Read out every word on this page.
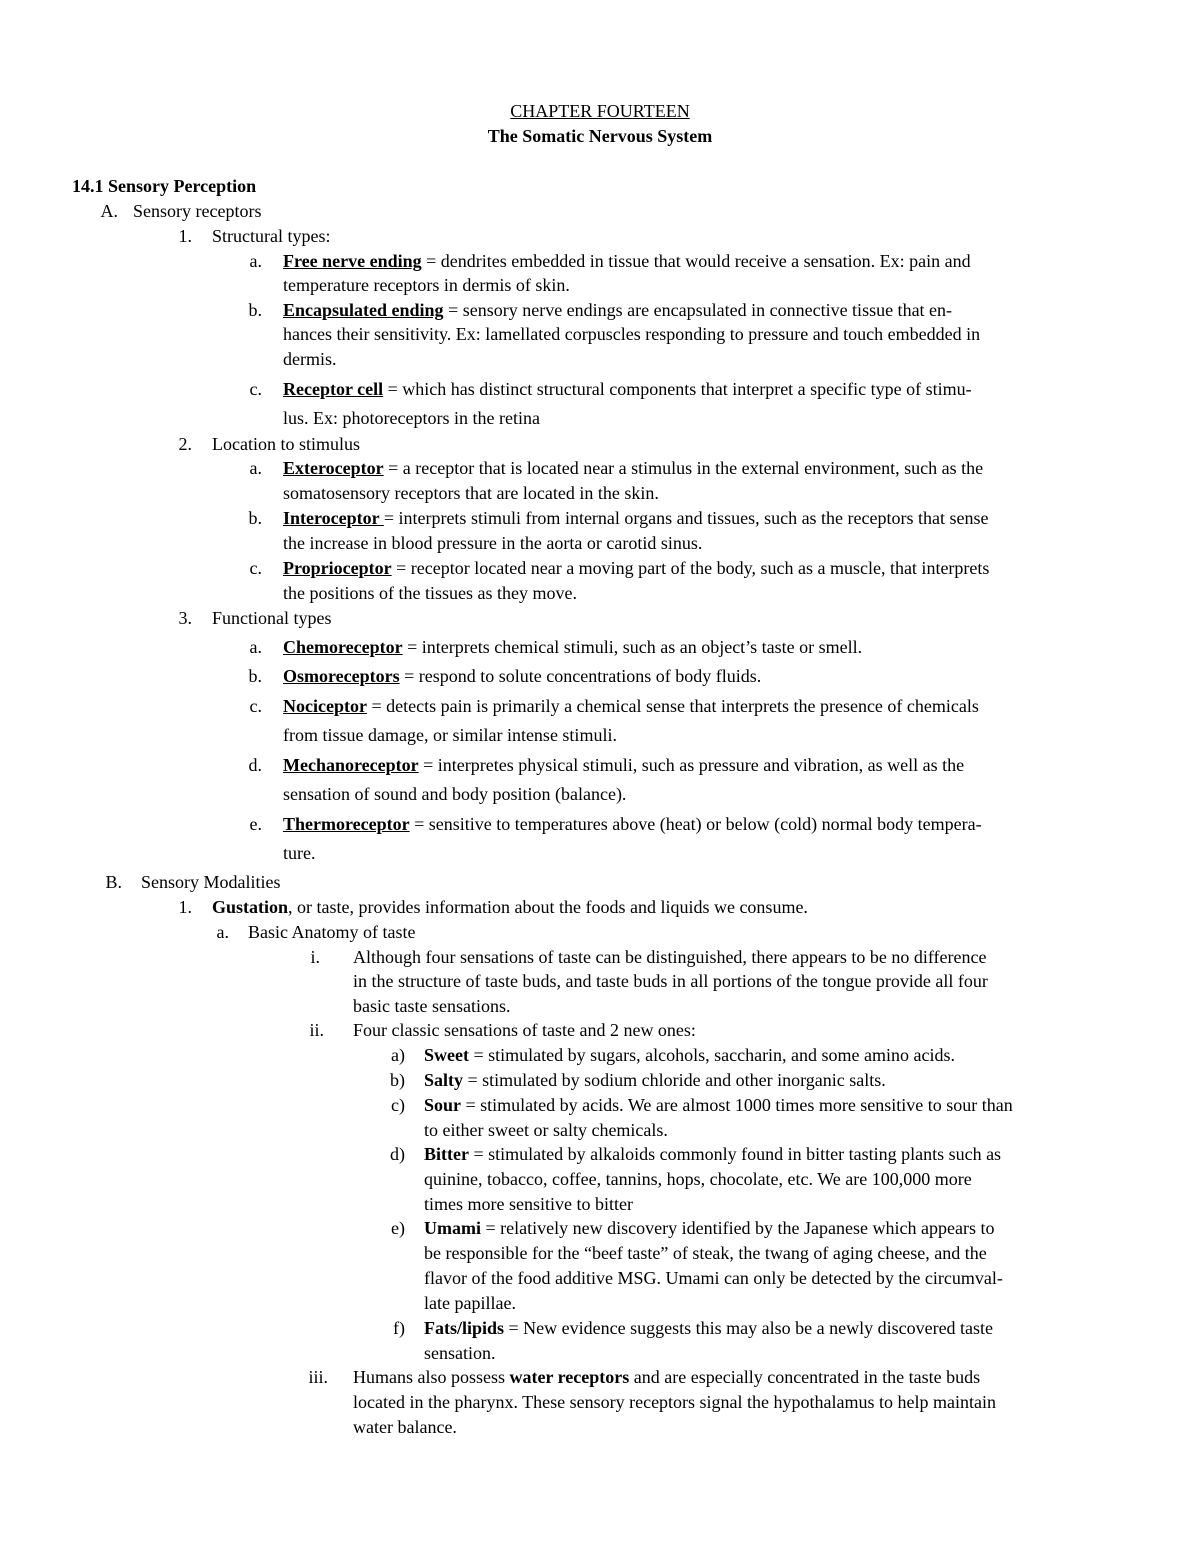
CHAPTER FOURTEEN
The Somatic Nervous System
14.1 Sensory Perception
A. Sensory receptors
1. Structural types:
a. Free nerve ending = dendrites embedded in tissue that would receive a sensation. Ex: pain and
temperature receptors in dermis of skin.
b. Encapsulated ending = sensory nerve endings are encapsulated in connective tissue that en-
hances their sensitivity. Ex: lamellated corpuscles responding to pressure and touch embedded in
dermis.
c. Receptor cell = which has distinct structural components that interpret a specific type of stimu-
lus. Ex: photoreceptors in the retina
2. Location to stimulus
a. Exteroceptor = a receptor that is located near a stimulus in the external environment, such as the
somatosensory receptors that are located in the skin.
b. Interoceptor = interprets stimuli from internal organs and tissues, such as the receptors that sense
the increase in blood pressure in the aorta or carotid sinus.
c. Proprioceptor = receptor located near a moving part of the body, such as a muscle, that interprets
the positions of the tissues as they move.
3. Functional types
a. Chemoreceptor = interprets chemical stimuli, such as an object’s taste or smell.
b. Osmoreceptors = respond to solute concentrations of body fluids.
c. Nociceptor = detects pain is primarily a chemical sense that interprets the presence of chemicals
from tissue damage, or similar intense stimuli.
d. Mechanoreceptor = interpretes physical stimuli, such as pressure and vibration, as well as the
sensation of sound and body position (balance).
e. Thermoreceptor = sensitive to temperatures above (heat) or below (cold) normal body tempera-
ture.
B. Sensory Modalities
1. Gustation, or taste, provides information about the foods and liquids we consume.
a. Basic Anatomy of taste
i. Although four sensations of taste can be distinguished, there appears to be no difference
in the structure of taste buds, and taste buds in all portions of the tongue provide all four
basic taste sensations.
ii. Four classic sensations of taste and 2 new ones:
a) Sweet = stimulated by sugars, alcohols, saccharin, and some amino acids.
b) Salty = stimulated by sodium chloride and other inorganic salts.
c) Sour = stimulated by acids. We are almost 1000 times more sensitive to sour than
to either sweet or salty chemicals.
d) Bitter = stimulated by alkaloids commonly found in bitter tasting plants such as
quinine, tobacco, coffee, tannins, hops, chocolate, etc. We are 100,000 more
times more sensitive to bitter
e) Umami = relatively new discovery identified by the Japanese which appears to
be responsible for the “beef taste” of steak, the twang of aging cheese, and the
flavor of the food additive MSG. Umami can only be detected by the circumval-
late papillae.
f) Fats/lipids = New evidence suggests this may also be a newly discovered taste
sensation.
iii. Humans also possess water receptors and are especially concentrated in the taste buds
located in the pharynx. These sensory receptors signal the hypothalamus to help maintain
water balance.
